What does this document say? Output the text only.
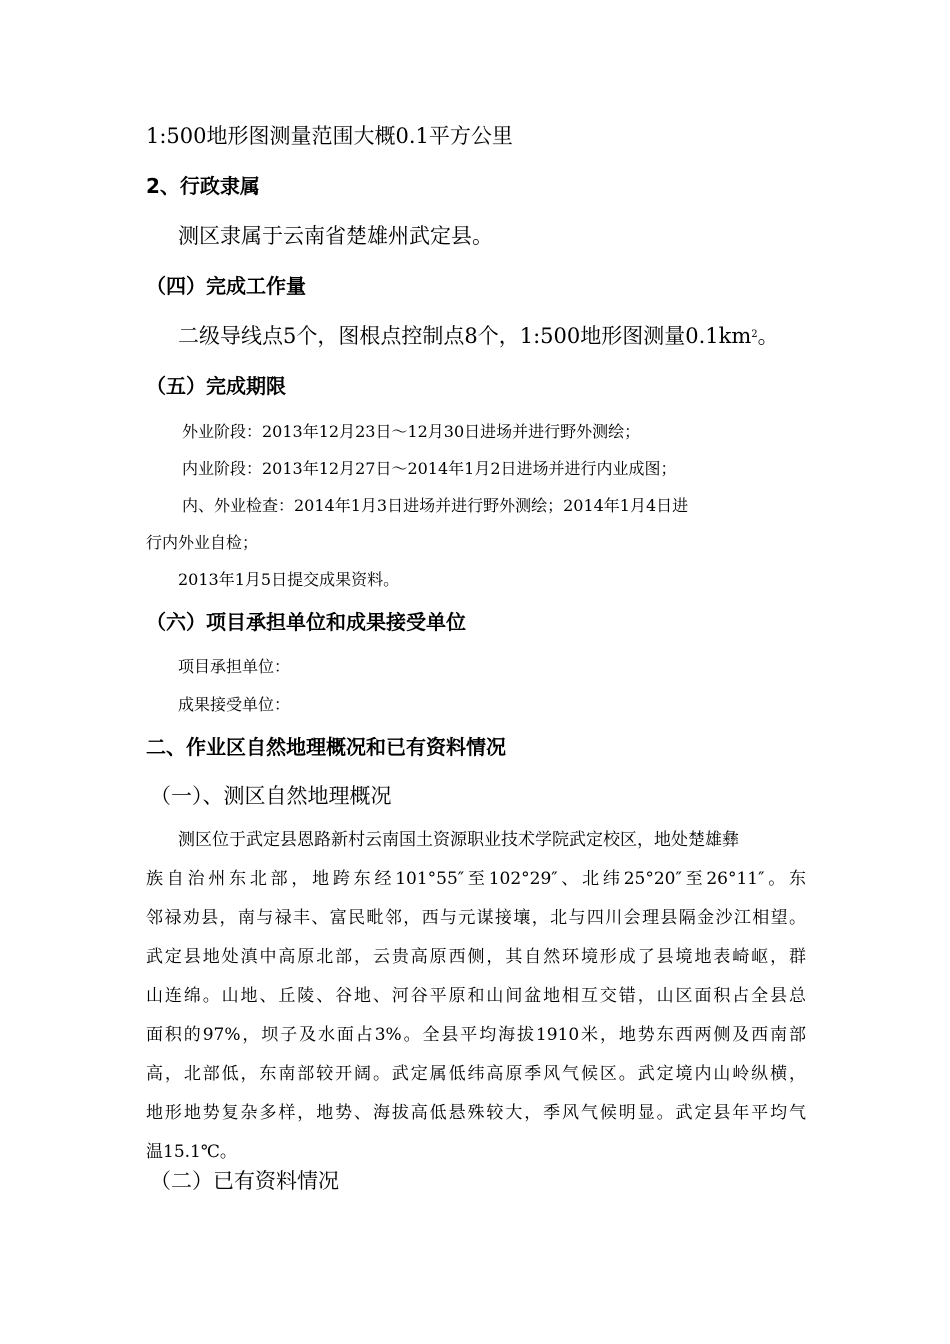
1:500地形图测量范围大概0.1平方公里
2、行政隶属
测区隶属于云南省楚雄州武定县。
（四）完成工作量
二级导线点5个，图根点控制点8个，1:500地形图测量$0.1km^2$。
（五）完成期限
外业阶段：2013年12月23日～12月30日进场并进行野外测绘；
内业阶段：2013年12月27日～2014年1月2日进场并进行内业成图；
内、外业检查：2014年1月3日进场并进行野外测绘；2014年1月4日进
行内外业自检；
2013年1月5日提交成果资料。
（六）项目承担单位和成果接受单位
项目承担单位：
成果接受单位：
二、作业区自然地理概况和已有资料情况
（一）、测区自然地理概况
测区位于武定县恩路新村云南国土资源职业技术学院武定校区，地处楚雄彝
族自治州东北部，地跨东经101°55″至102°29″、北纬25°20″至26°11″。东
邻禄劝县，南与禄丰、富民毗邻，西与元谋接壤，北与四川会理县隔金沙江相望。
武定县地处滇中高原北部，云贵高原西侧，其自然环境形成了县境地表崎岖，群
山连绵。山地、丘陵、谷地、河谷平原和山间盆地相互交错，山区面积占全县总
面积的97%，坝子及水面占3%。全县平均海拔1910米，地势东西两侧及西南部
高，北部低，东南部较开阔。武定属低纬高原季风气候区。武定境内山岭纵横，
地形地势复杂多样，地势、海拔高低悬殊较大，季风气候明显。武定县年平均气
温15.1℃。
（二）已有资料情况
